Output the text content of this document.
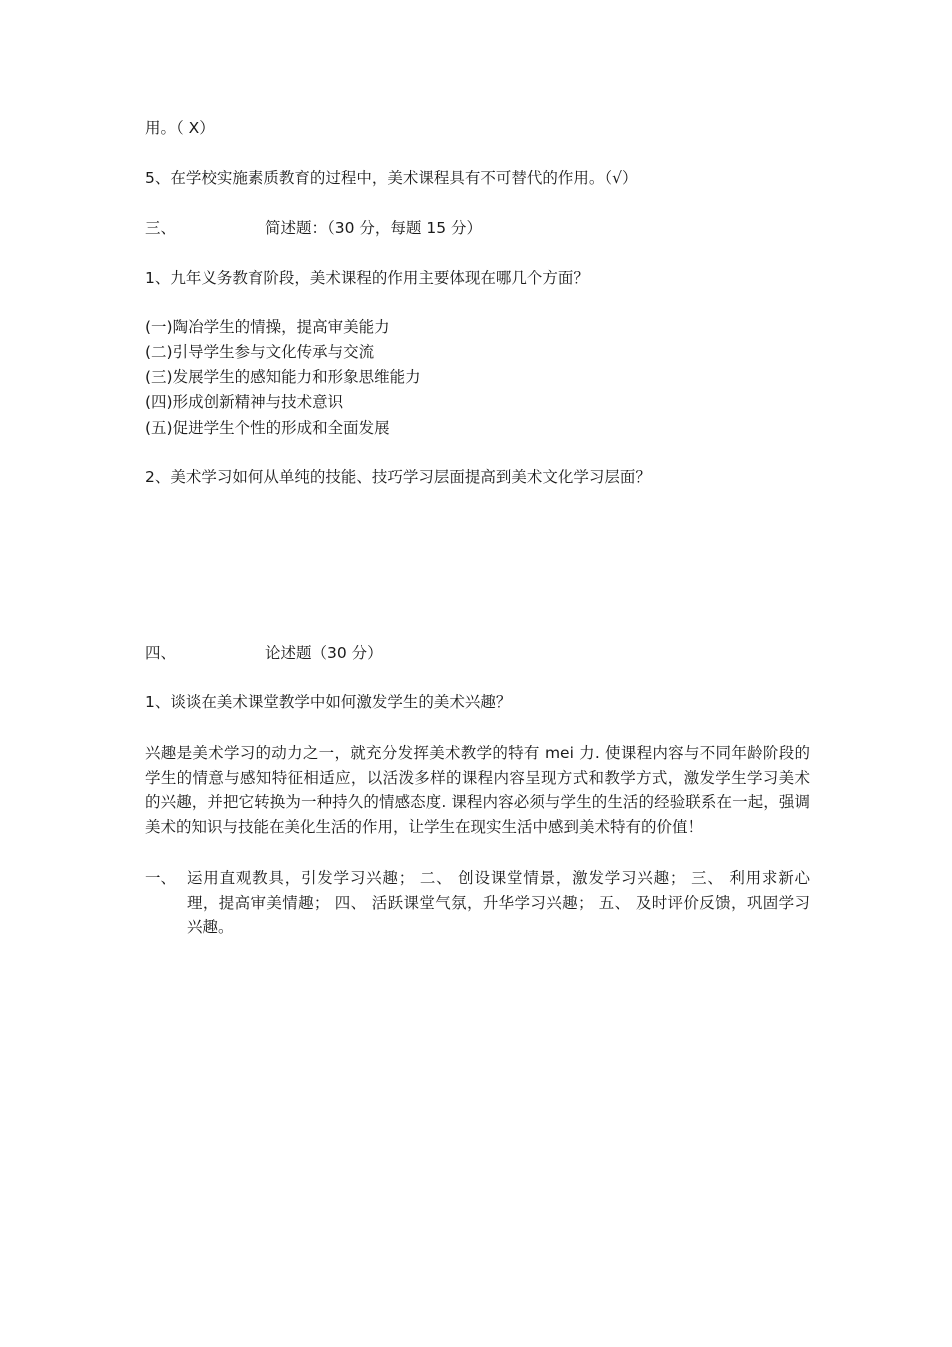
用。（ X）

5、在学校实施素质教育的过程中，美术课程具有不可替代的作用。（√）

三、	简述题：（30 分，每题 15 分）

1、九年义务教育阶段，美术课程的作用主要体现在哪几个方面？

(一)陶冶学生的情操，提高审美能力

(二)引导学生参与文化传承与交流

(三)发展学生的感知能力和形象思维能力

(四)形成创新精神与技术意识

(五)促进学生个性的形成和全面发展

2、美术学习如何从单纯的技能、技巧学习层面提高到美术文化学习层面？

四、	论述题（30 分）

1、谈谈在美术课堂教学中如何激发学生的美术兴趣？

兴趣是美术学习的动力之一，就充分发挥美术教学的特有 mei 力. 使课程内容与不同年龄阶段的学生的情意与感知特征相适应，以活泼多样的课程内容呈现方式和教学方式，激发学生学习美术的兴趣，并把它转换为一种持久的情感态度. 课程内容必须与学生的生活的经验联系在一起，强调美术的知识与技能在美化生活的作用，让学生在现实生活中感到美术特有的价值！

一、 运用直观教具，引发学习兴趣； 二、 创设课堂情景，激发学习兴趣； 三、 利用求新心理，提高审美情趣； 四、 活跃课堂气氛，升华学习兴趣； 五、 及时评价反馈，巩固学习兴趣。
